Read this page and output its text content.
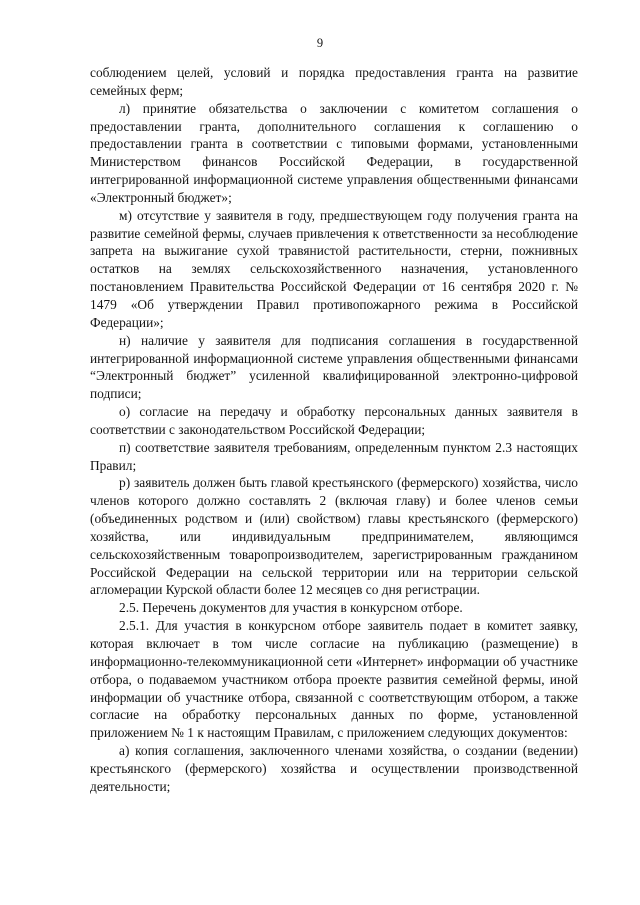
9

соблюдением целей, условий и порядка предоставления гранта на развитие семейных ферм;

л) принятие обязательства о заключении с комитетом соглашения о предоставлении гранта, дополнительного соглашения к соглашению о предоставлении гранта в соответствии с типовыми формами, установленными Министерством финансов Российской Федерации, в государственной интегрированной информационной системе управления общественными финансами «Электронный бюджет»;

м) отсутствие у заявителя в году, предшествующем году получения гранта на развитие семейной фермы, случаев привлечения к ответственности за несоблюдение запрета на выжигание сухой травянистой растительности, стерни, пожнивных остатков на землях сельскохозяйственного назначения, установленного постановлением Правительства Российской Федерации от 16 сентября 2020 г. № 1479 «Об утверждении Правил противопожарного режима в Российской Федерации»;

н) наличие у заявителя для подписания соглашения в государственной интегрированной информационной системе управления общественными финансами “Электронный бюджет” усиленной квалифицированной электронно-цифровой подписи;

о) согласие на передачу и обработку персональных данных заявителя в соответствии с законодательством Российской Федерации;

п) соответствие заявителя требованиям, определенным пунктом 2.3 настоящих Правил;

р) заявитель должен быть главой крестьянского (фермерского) хозяйства, число членов которого должно составлять 2 (включая главу) и более членов семьи (объединенных родством и (или) свойством) главы крестьянского (фермерского) хозяйства, или индивидуальным предпринимателем, являющимся сельскохозяйственным товаропроизводителем, зарегистрированным гражданином Российской Федерации на сельской территории или на территории сельской агломерации Курской области более 12 месяцев со дня регистрации.

2.5. Перечень документов для участия в конкурсном отборе.

2.5.1. Для участия в конкурсном отборе заявитель подает в комитет заявку, которая включает в том числе согласие на публикацию (размещение) в информационно-телекоммуникационной сети «Интернет» информации об участнике отбора, о подаваемом участником отбора проекте развития семейной фермы, иной информации об участнике отбора, связанной с соответствующим отбором, а также согласие на обработку персональных данных по форме, установленной приложением № 1 к настоящим Правилам, с приложением следующих документов:

а) копия соглашения, заключенного членами хозяйства, о создании (ведении) крестьянского (фермерского) хозяйства и осуществлении производственной деятельности;
